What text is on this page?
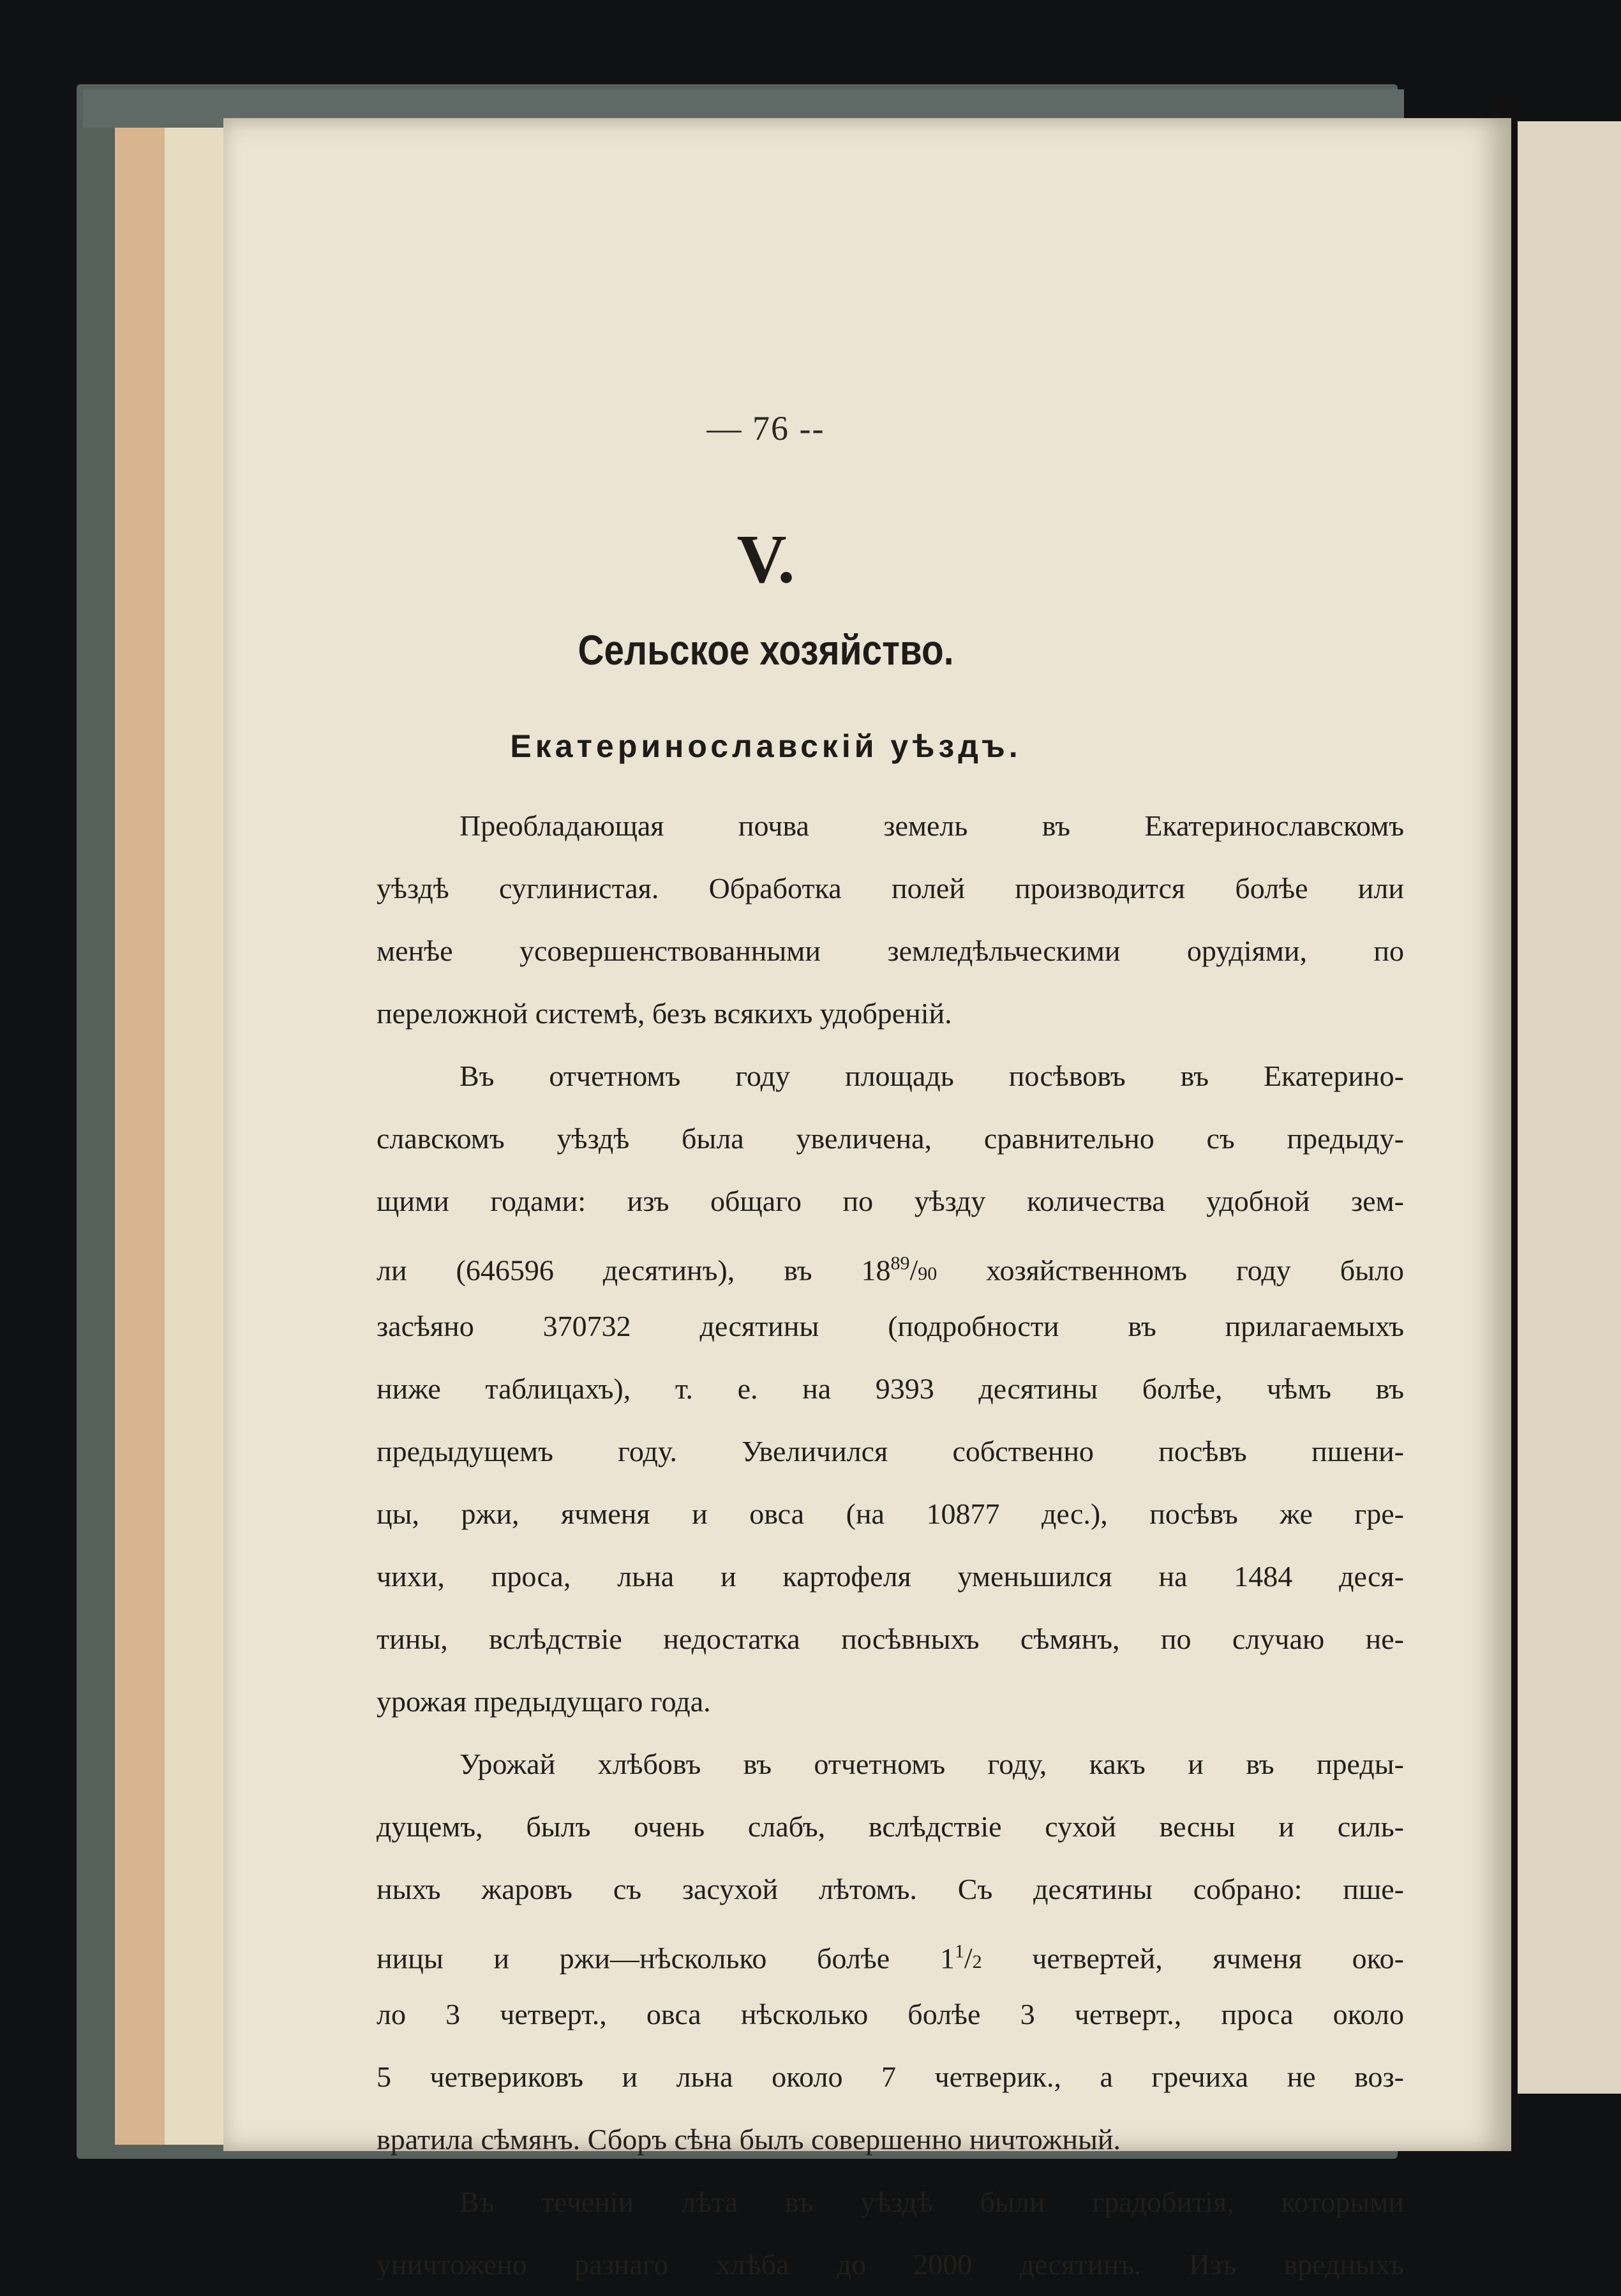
— 76 --
V.
Сельское хозяйство.
Екатеринославскій уѣздъ.
Преобладающая почва земель въ Екатеринославскомъ
уѣздѣ суглинистая. Обработка полей производится болѣе или
менѣе усовершенствованными земледѣльческими орудіями, по
переложной системѣ, безъ всякихъ удобреній.
Въ отчетномъ году площадь посѣвовъ въ Екатерино-
славскомъ уѣздѣ была увеличена, сравнительно съ предыду-
щими годами: изъ общаго по уѣзду количества удобной зем-
ли (646596 десятинъ), въ $18^{89}/90$ хозяйственномъ году было
засѣяно 370732 десятины (подробности въ прилагаемыхъ
ниже таблицахъ), т. е. на 9393 десятины болѣе, чѣмъ въ
предыдущемъ году. Увеличился собственно посѣвъ пшени-
цы, ржи, ячменя и овса (на 10877 дес.), посѣвъ же гре-
чихи, проса, льна и картофеля уменьшился на 1484 деся-
тины, вслѣдствіе недостатка посѣвныхъ сѣмянъ, по случаю не-
урожая предыдущаго года.
Урожай хлѣбовъ въ отчетномъ году, какъ и въ преды-
дущемъ, былъ очень слабъ, вслѣдствіе сухой весны и силь-
ныхъ жаровъ съ засухой лѣтомъ. Съ десятины собрано: пше-
ницы и ржи—нѣсколько болѣе $1^1/2$ четвертей, ячменя око-
ло 3 четверт., овса нѣсколько болѣе 3 четверт., проса около
5 четвериковъ и льна около 7 четверик., а гречиха не воз-
вратила сѣмянъ. Сборъ сѣна былъ совершенно ничтожный.
Въ теченіи лѣта въ уѣздѣ были градобитія, которыми
уничтожено разнаго хлѣба до 2000 десятинъ. Изъ вредныхъ
